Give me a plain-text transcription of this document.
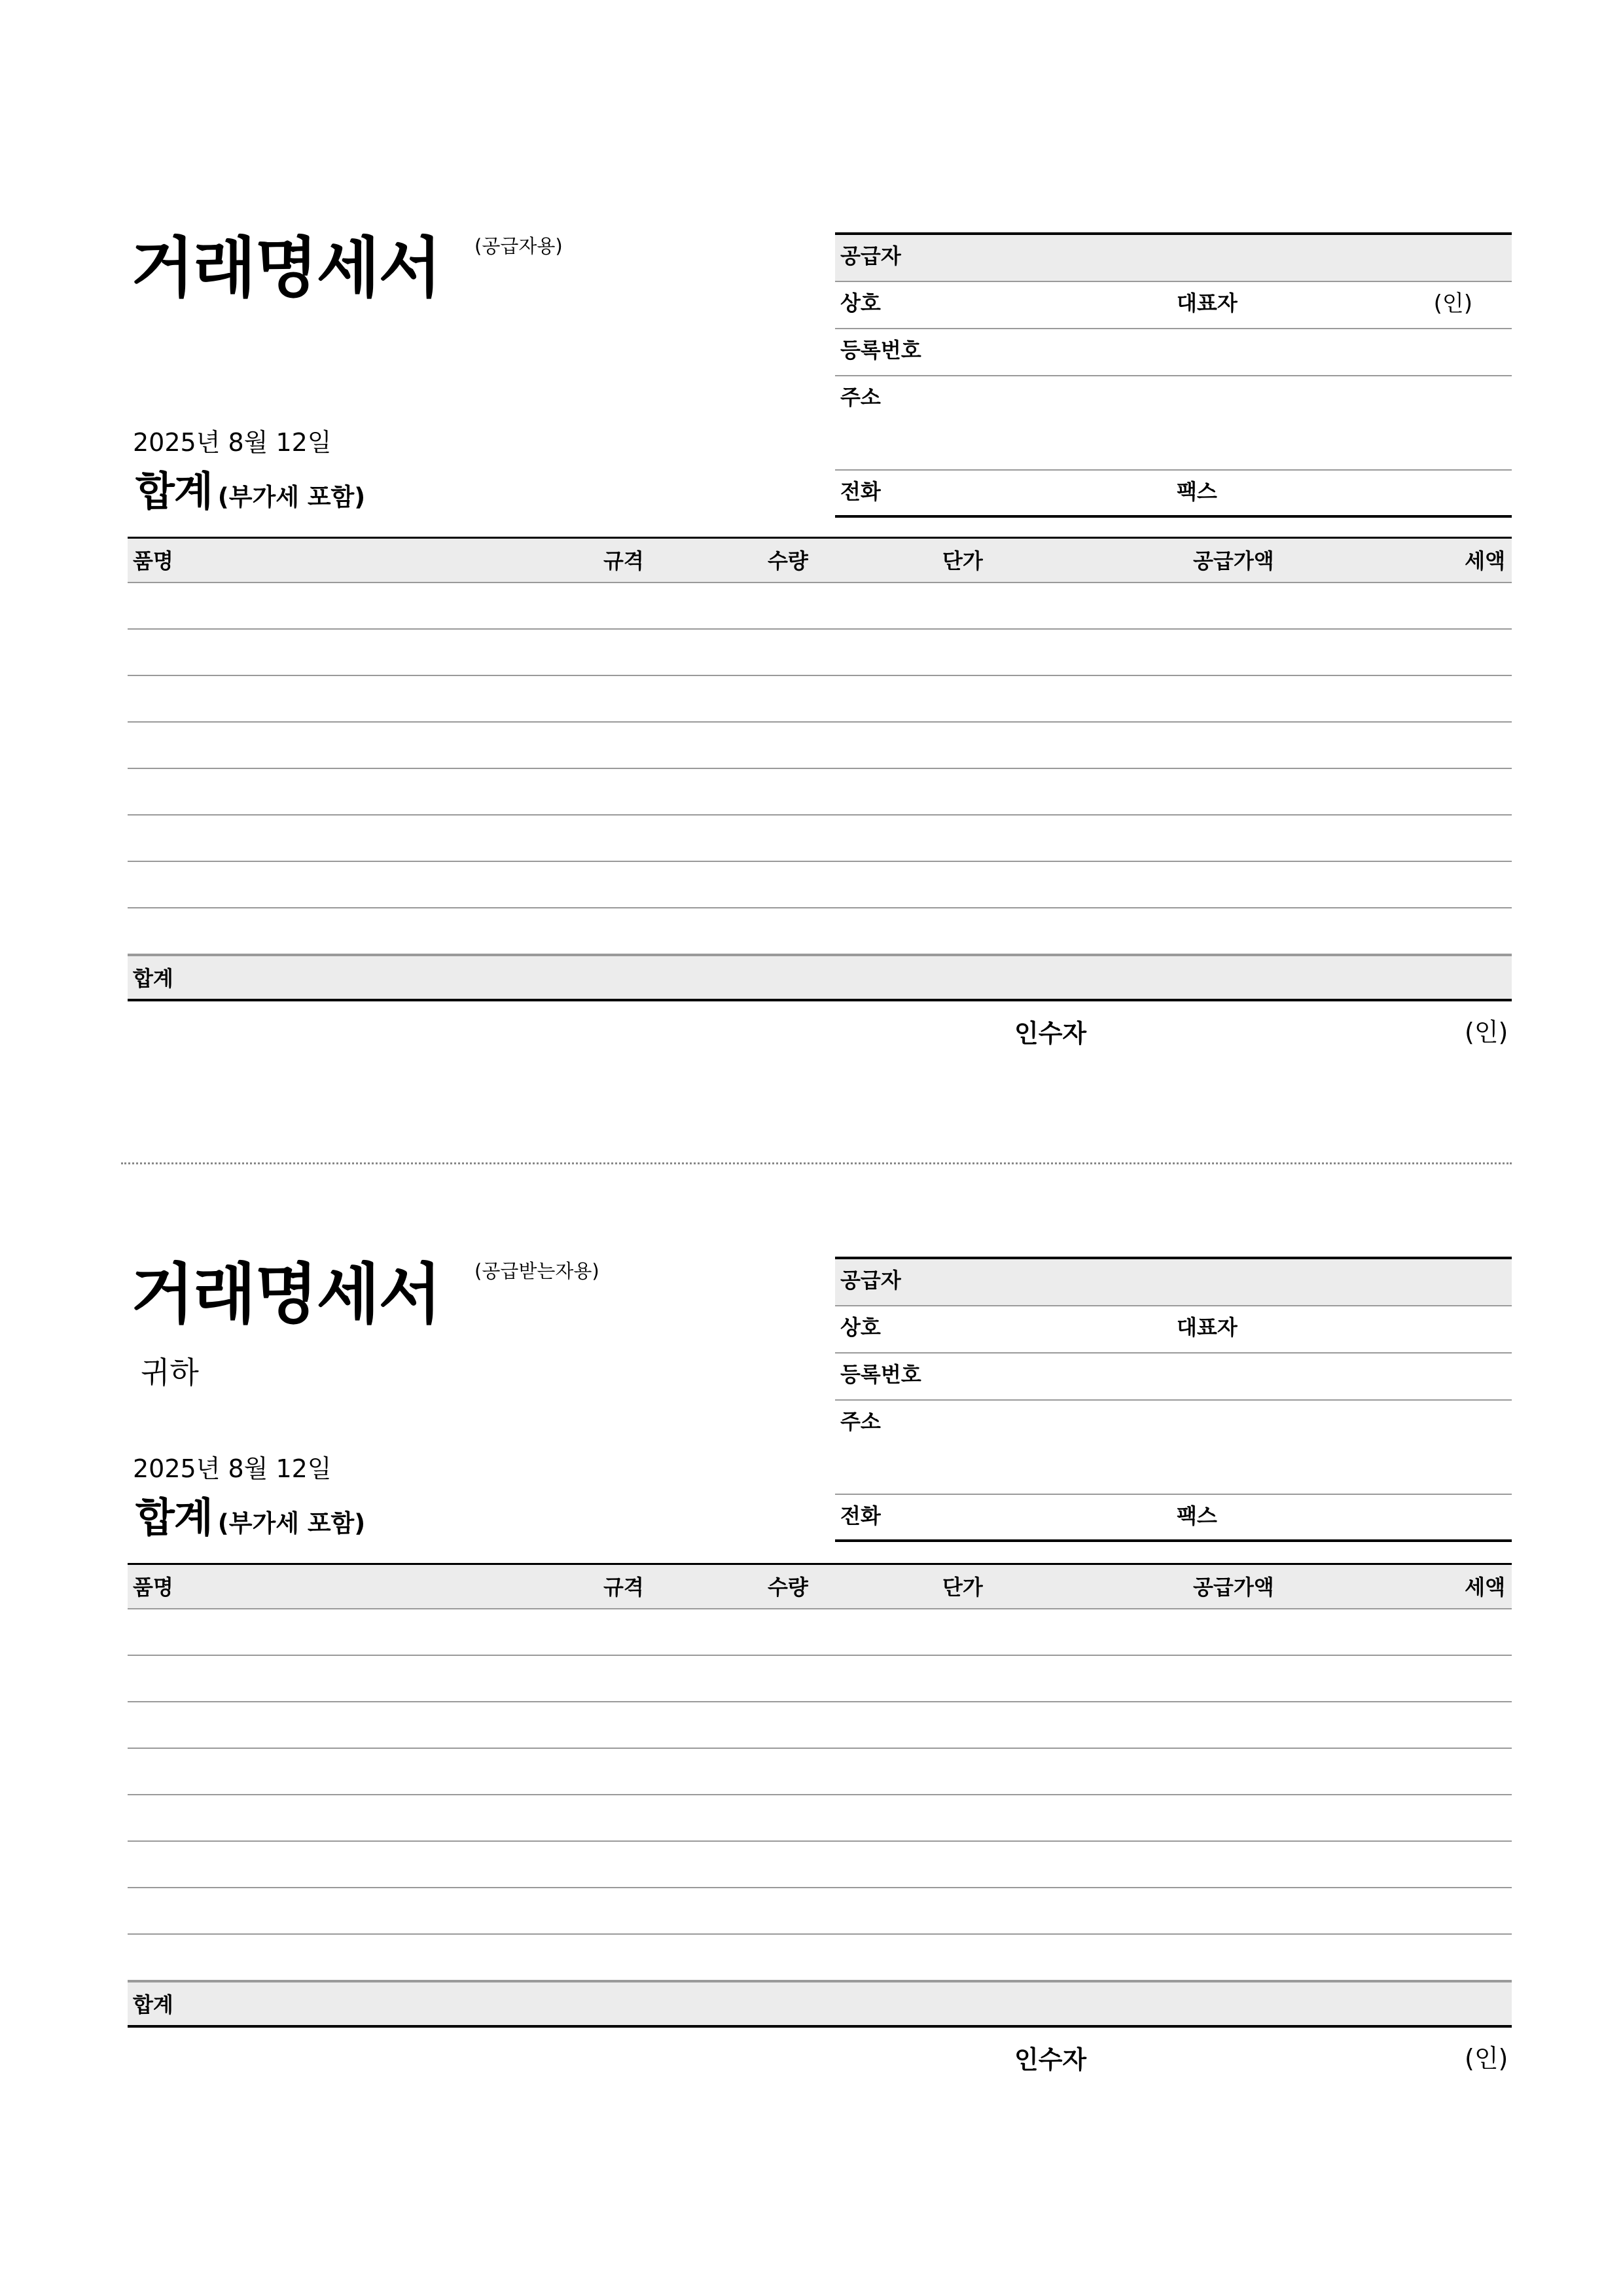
거래명세서 (공급자용)
2025년 8월 12일
합계 (부가세 포함)
공급자
상호	대표자	(인)
등록번호
주소
전화	팩스
품명	규격	수량	단가	공급가액	세액
합계
인수자	(인)
거래명세서 (공급받는자용)
귀하
2025년 8월 12일
합계 (부가세 포함)
공급자
상호	대표자
등록번호
주소
전화	팩스
품명	규격	수량	단가	공급가액	세액
합계
인수자	(인)
